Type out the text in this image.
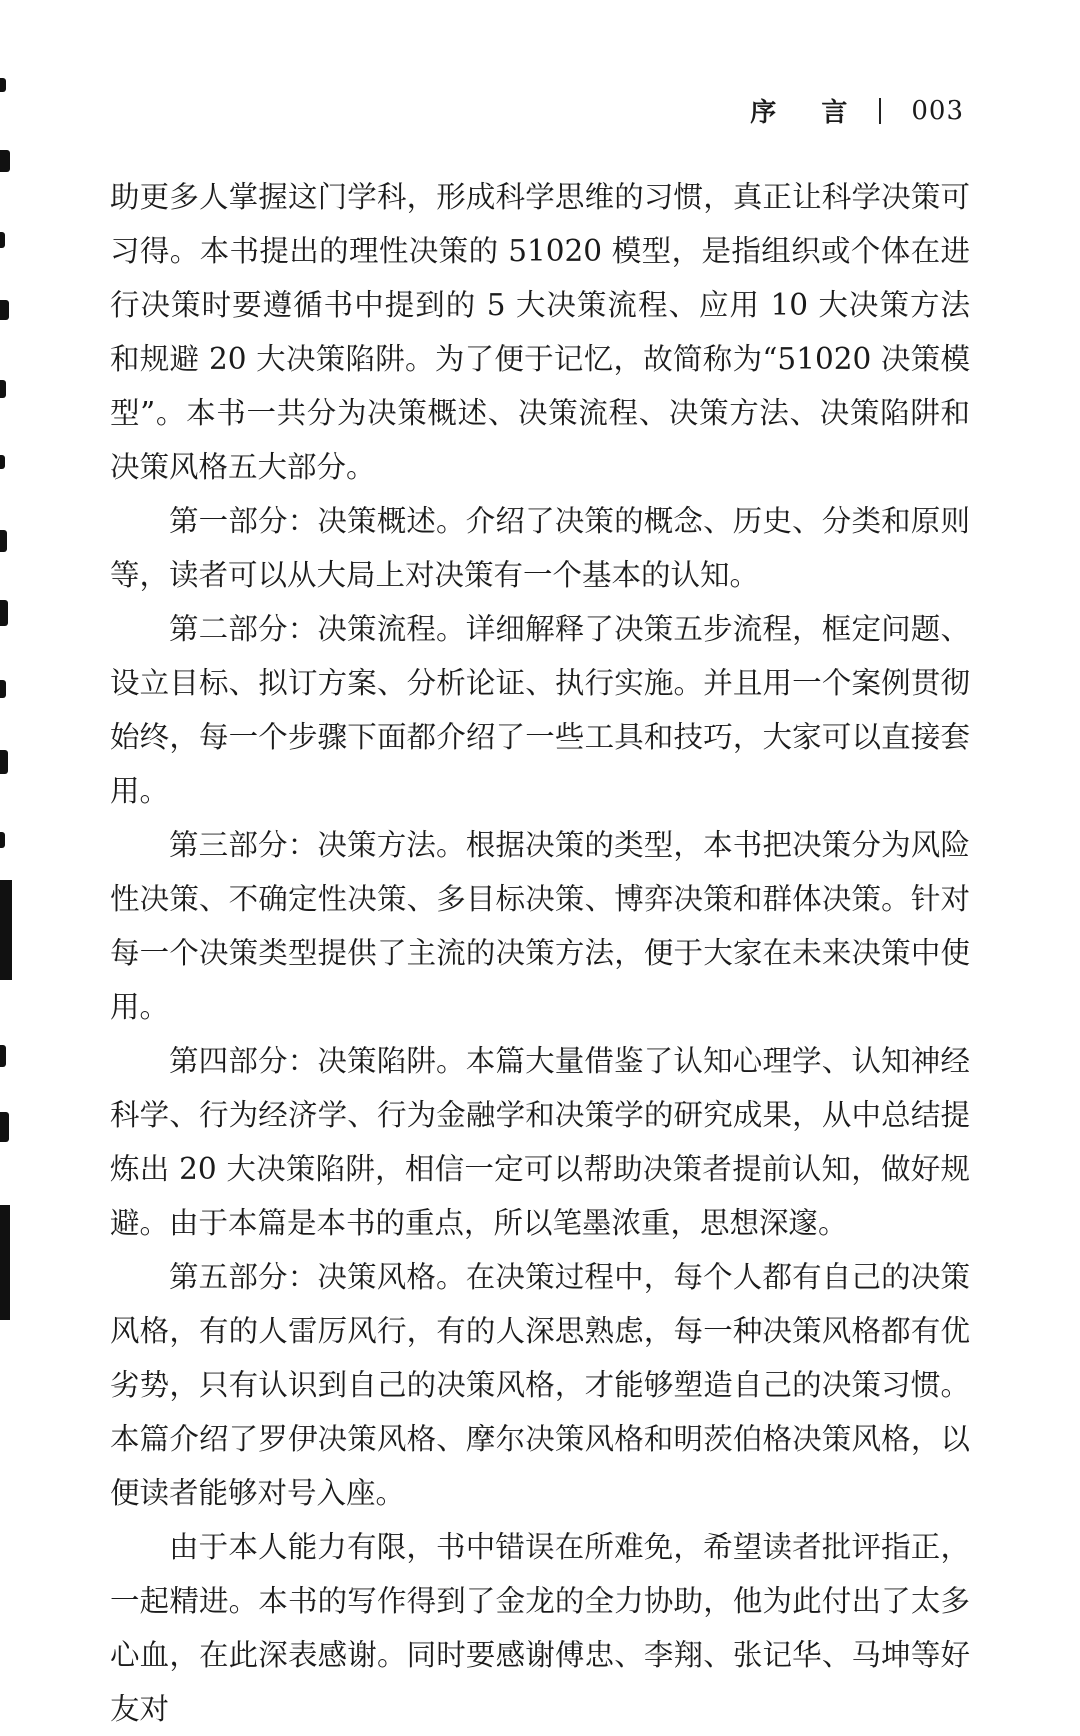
序 言 003

助更多人掌握这门学科，形成科学思维的习惯，真正让科学决策可习得。本书提出的理性决策的 51020 模型，是指组织或个体在进行决策时要遵循书中提到的 5 大决策流程、应用 10 大决策方法和规避 20 大决策陷阱。为了便于记忆，故简称为“51020 决策模型”。本书一共分为决策概述、决策流程、决策方法、决策陷阱和决策风格五大部分。

第一部分：决策概述。介绍了决策的概念、历史、分类和原则等，读者可以从大局上对决策有一个基本的认知。

第二部分：决策流程。详细解释了决策五步流程，框定问题、设立目标、拟订方案、分析论证、执行实施。并且用一个案例贯彻始终，每一个步骤下面都介绍了一些工具和技巧，大家可以直接套用。

第三部分：决策方法。根据决策的类型，本书把决策分为风险性决策、不确定性决策、多目标决策、博弈决策和群体决策。针对每一个决策类型提供了主流的决策方法，便于大家在未来决策中使用。

第四部分：决策陷阱。本篇大量借鉴了认知心理学、认知神经科学、行为经济学、行为金融学和决策学的研究成果，从中总结提炼出 20 大决策陷阱，相信一定可以帮助决策者提前认知，做好规避。由于本篇是本书的重点，所以笔墨浓重，思想深邃。

第五部分：决策风格。在决策过程中，每个人都有自己的决策风格，有的人雷厉风行，有的人深思熟虑，每一种决策风格都有优劣势，只有认识到自己的决策风格，才能够塑造自己的决策习惯。本篇介绍了罗伊决策风格、摩尔决策风格和明茨伯格决策风格，以便读者能够对号入座。

由于本人能力有限，书中错误在所难免，希望读者批评指正，一起精进。本书的写作得到了金龙的全力协助，他为此付出了太多心血，在此深表感谢。同时要感谢傅忠、李翔、张记华、马坤等好友对
